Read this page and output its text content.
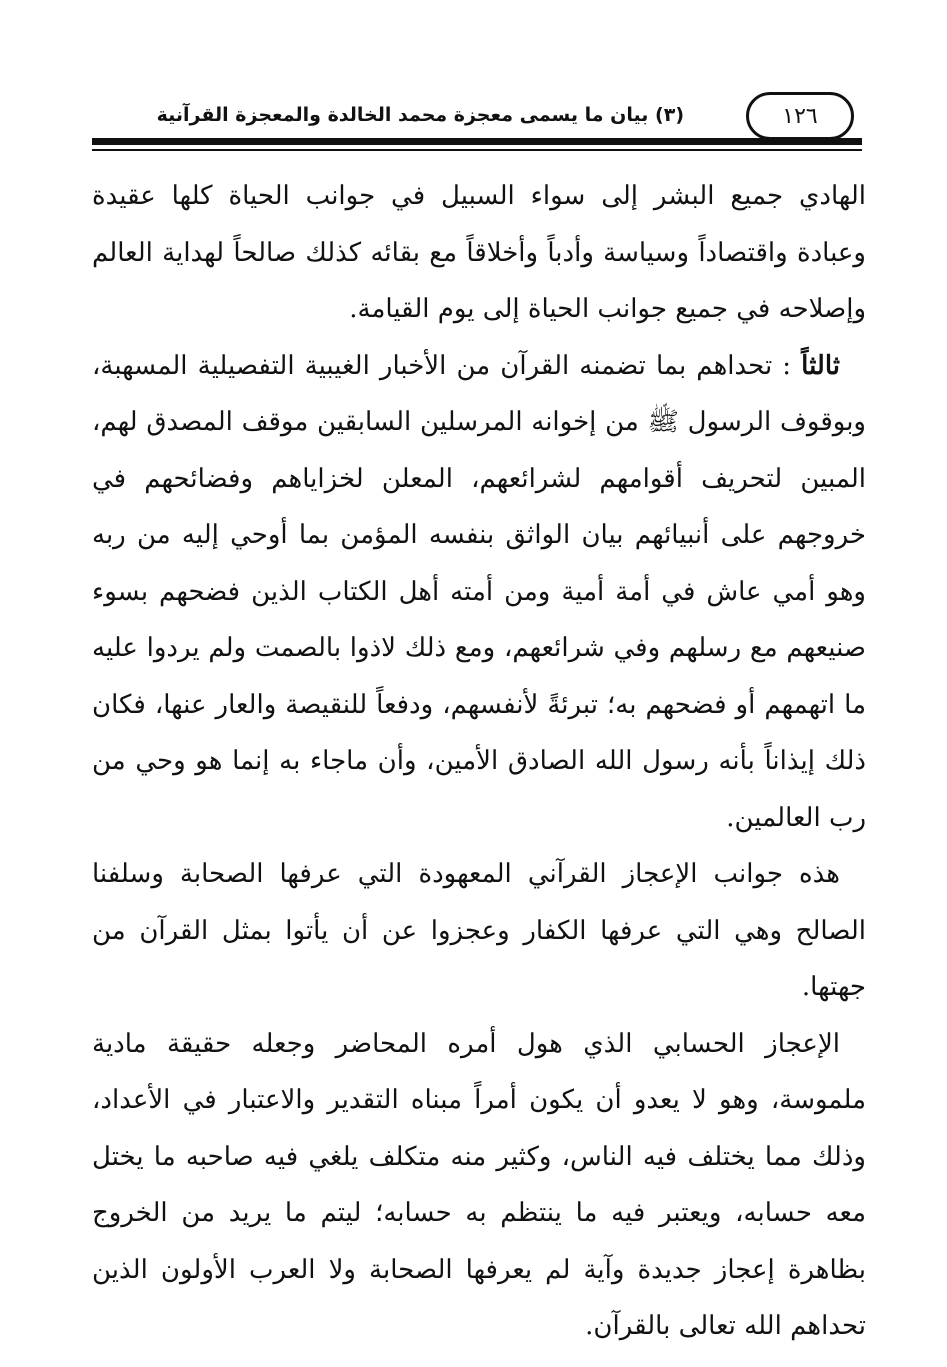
(٣) بيان ما يسمى معجزة محمد الخالدة والمعجزة القرآنية	١٢٦

الهادي جميع البشر إلى سواء السبيل في جوانب الحياة كلها عقيدة وعبادة واقتصاداً وسياسة وأدباً وأخلاقاً مع بقائه كذلك صالحاً لهداية العالم وإصلاحه في جميع جوانب الحياة إلى يوم القيامة.

ثالثاً : تحداهم بما تضمنه القرآن من الأخبار الغيبية التفصيلية المسهبة، وبوقوف الرسول ﷺ من إخوانه المرسلين السابقين موقف المصدق لهم، المبين لتحريف أقوامهم لشرائعهم، المعلن لخزاياهم وفضائحهم في خروجهم على أنبيائهم بيان الواثق بنفسه المؤمن بما أوحي إليه من ربه وهو أمي عاش في أمة أمية ومن أمته أهل الكتاب الذين فضحهم بسوء صنيعهم مع رسلهم وفي شرائعهم، ومع ذلك لاذوا بالصمت ولم يردوا عليه ما اتهمهم أو فضحهم به؛ تبرئةً لأنفسهم، ودفعاً للنقيصة والعار عنها، فكان ذلك إيذاناً بأنه رسول الله الصادق الأمين، وأن ماجاء به إنما هو وحي من رب العالمين.

هذه جوانب الإعجاز القرآني المعهودة التي عرفها الصحابة وسلفنا الصالح وهي التي عرفها الكفار وعجزوا عن أن يأتوا بمثل القرآن من جهتها.

الإعجاز الحسابي الذي هول أمره المحاضر وجعله حقيقة مادية ملموسة، وهو لا يعدو أن يكون أمراً مبناه التقدير والاعتبار في الأعداد، وذلك مما يختلف فيه الناس، وكثير منه متكلف يلغي فيه صاحبه ما يختل معه حسابه، ويعتبر فيه ما ينتظم به حسابه؛ ليتم ما يريد من الخروج بظاهرة إعجاز جديدة وآية لم يعرفها الصحابة ولا العرب الأولون الذين تحداهم الله تعالى بالقرآن.
